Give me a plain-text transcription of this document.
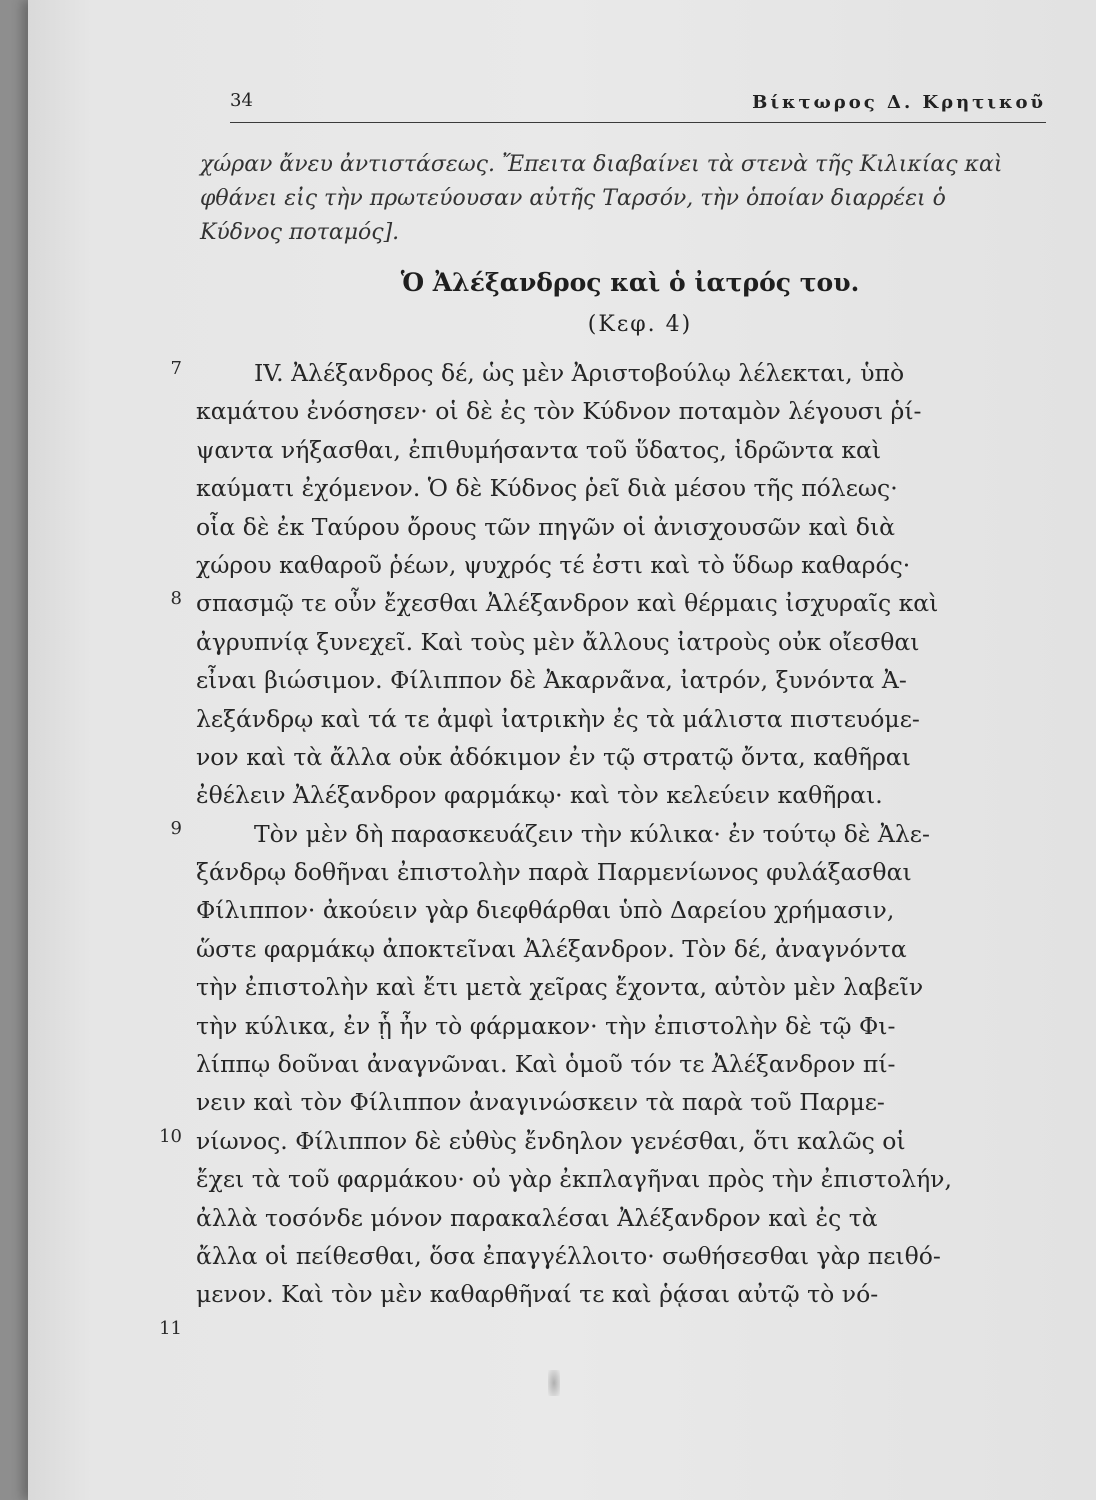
34	Βίκτωρος Δ. Κρητικοῦ

χώραν ἄνευ ἀντιστάσεως. Ἔπειτα διαβαίνει τὰ στενὰ τῆς Κιλικίας καὶ
φθάνει εἰς τὴν πρωτεύουσαν αὐτῆς Ταρσόν, τὴν ὁποίαν διαρρέει ὁ
Κύδνος ποταμός].

Ὁ Ἀλέξανδρος καὶ ὁ ἰατρός του.
(Κεφ. 4)
7
8
9
10
11
IV. Ἀλέξανδρος δέ, ὡς μὲν Ἀριστοβούλῳ λέλεκται, ὑπὸ
καμάτου ἐνόσησεν· οἱ δὲ ἐς τὸν Κύδνον ποταμὸν λέγουσι ῥί-
ψαντα νήξασθαι, ἐπιθυμήσαντα τοῦ ὕδατος, ἱδρῶντα καὶ
καύματι ἐχόμενον. Ὁ δὲ Κύδνος ῥεῖ διὰ μέσου τῆς πόλεως·
οἷα δὲ ἐκ Ταύρου ὄρους τῶν πηγῶν οἱ ἀνισχουσῶν καὶ διὰ
χώρου καθαροῦ ῥέων, ψυχρός τέ ἐστι καὶ τὸ ὕδωρ καθαρός·
σπασμῷ τε οὖν ἔχεσθαι Ἀλέξανδρον καὶ θέρμαις ἰσχυραῖς καὶ
ἀγρυπνίᾳ ξυνεχεῖ. Καὶ τοὺς μὲν ἄλλους ἰατροὺς οὐκ οἴεσθαι
εἶναι βιώσιμον. Φίλιππον δὲ Ἀκαρνᾶνα, ἰατρόν, ξυνόντα Ἀ-
λεξάνδρῳ καὶ τά τε ἀμφὶ ἰατρικὴν ἐς τὰ μάλιστα πιστευόμε-
νον καὶ τὰ ἄλλα οὐκ ἀδόκιμον ἐν τῷ στρατῷ ὄντα, καθῆραι
ἐθέλειν Ἀλέξανδρον φαρμάκῳ· καὶ τὸν κελεύειν καθῆραι.
Τὸν μὲν δὴ παρασκευάζειν τὴν κύλικα· ἐν τούτῳ δὲ Ἀλε-
ξάνδρῳ δοθῆναι ἐπιστολὴν παρὰ Παρμενίωνος φυλάξασθαι
Φίλιππον· ἀκούειν γὰρ διεφθάρθαι ὑπὸ Δαρείου χρήμασιν,
ὥστε φαρμάκῳ ἀποκτεῖναι Ἀλέξανδρον. Τὸν δέ, ἀναγνόντα
τὴν ἐπιστολὴν καὶ ἔτι μετὰ χεῖρας ἔχοντα, αὐτὸν μὲν λαβεῖν
τὴν κύλικα, ἐν ᾗ ἦν τὸ φάρμακον· τὴν ἐπιστολὴν δὲ τῷ Φι-
λίππῳ δοῦναι ἀναγνῶναι. Καὶ ὁμοῦ τόν τε Ἀλέξανδρον πί-
νειν καὶ τὸν Φίλιππον ἀναγινώσκειν τὰ παρὰ τοῦ Παρμε-
νίωνος. Φίλιππον δὲ εὐθὺς ἔνδηλον γενέσθαι, ὅτι καλῶς οἱ
ἔχει τὰ τοῦ φαρμάκου· οὐ γὰρ ἐκπλαγῆναι πρὸς τὴν ἐπιστολήν,
ἀλλὰ τοσόνδε μόνον παρακαλέσαι Ἀλέξανδρον καὶ ἐς τὰ
ἄλλα οἱ πείθεσθαι, ὅσα ἐπαγγέλλοιτο· σωθήσεσθαι γὰρ πειθό-
μενον. Καὶ τὸν μὲν καθαρθῆναί τε καὶ ῥᾴσαι αὐτῷ τὸ νό-
